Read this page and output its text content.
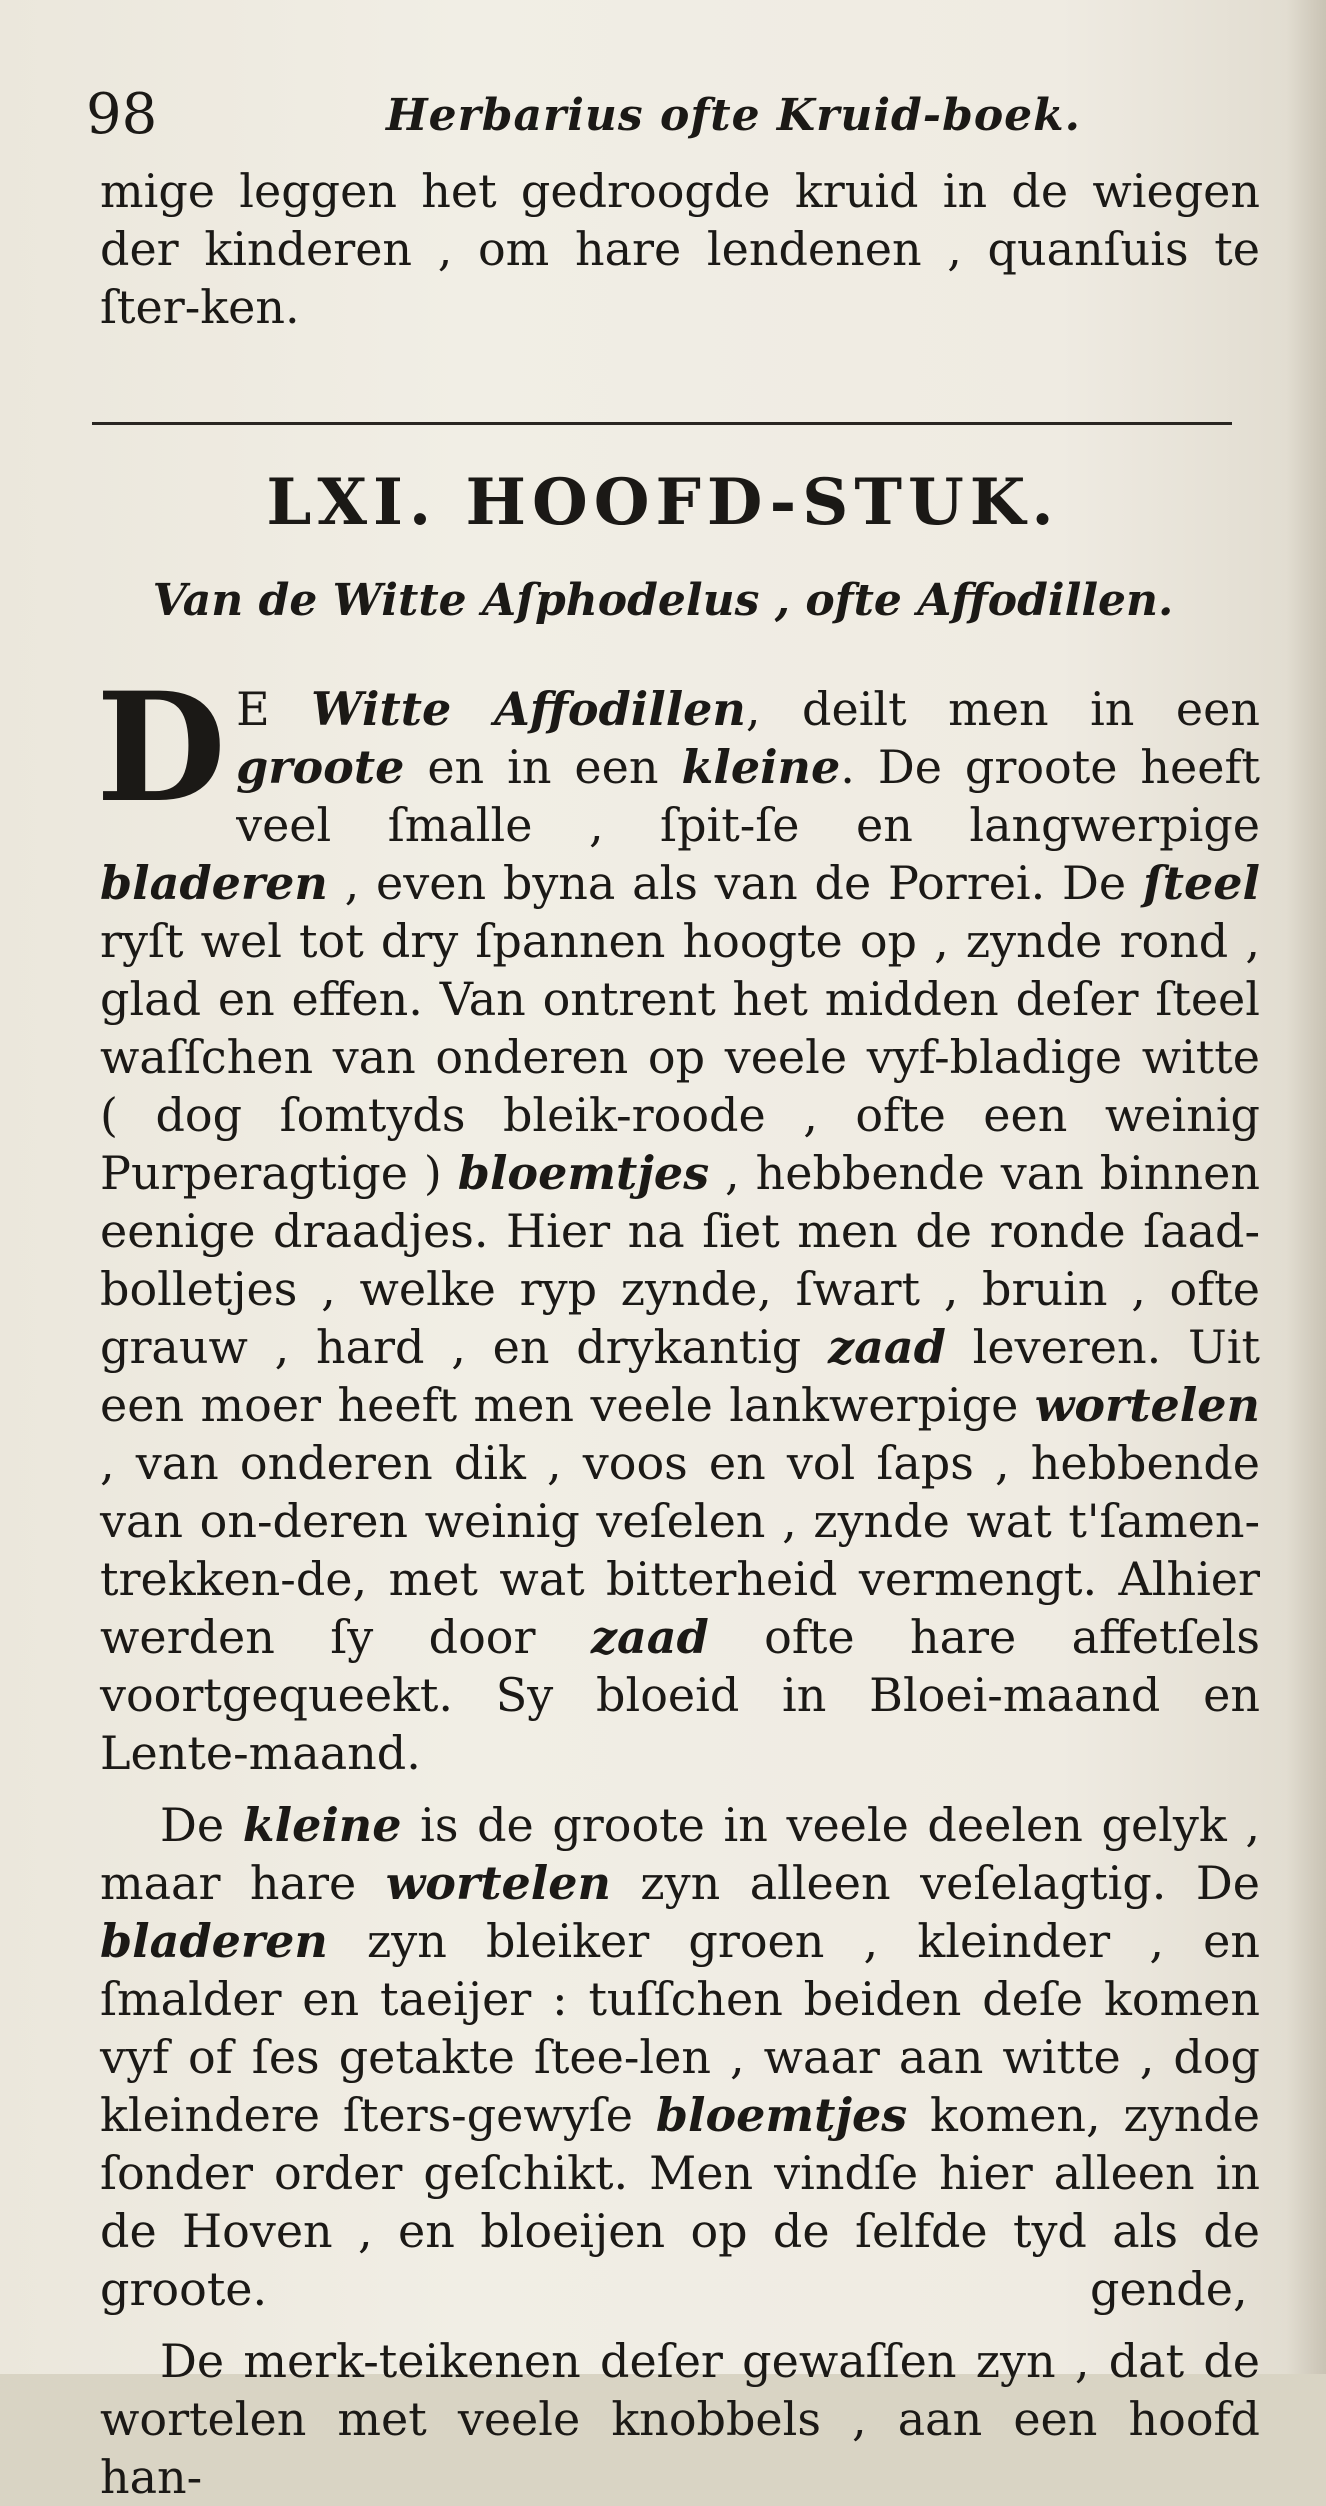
98	Herbarius ofte Kruid-boek.
mige leggen het gedroogde kruid in de wiegen der kinderen , om hare lendenen , quanſuis te ſter-ken.
LXI. HOOFD-STUK.
Van de Witte Aſphodelus , ofte Affodillen.

D E Witte Affodillen, deilt men in een groote en in een kleine. De groote heeft veel ſmalle , ſpit-ſe en langwerpige bladeren , even byna als van de Porrei. De ſteel ryſt wel tot dry ſpannen hoogte op , zynde rond , glad en effen. Van ontrent het midden deſer ſteel waſſchen van onderen op veele vyf-bladige witte ( dog ſomtyds bleik-roode , ofte een weinig Purperagtige ) bloemtjes , hebbende van binnen eenige draadjes. Hier na ſiet men de ronde ſaad-bolletjes , welke ryp zynde, ſwart , bruin , ofte grauw , hard , en drykantig zaad leveren. Uit een moer heeft men veele lankwerpige wortelen , van onderen dik , voos en vol ſaps , hebbende van on-deren weinig veſelen , zynde wat t'ſamen-trekken-de, met wat bitterheid vermengt. Alhier werden ſy door zaad ofte hare affetſels voortgequeekt. Sy bloeid in Bloei-maand en Lente-maand.

De kleine is de groote in veele deelen gelyk , maar hare wortelen zyn alleen veſelagtig. De bladeren zyn bleiker groen , kleinder , en ſmalder en taeijer : tuſſchen beiden deſe komen vyf of ſes getakte ſtee-len , waar aan witte , dog kleindere ſters-gewyſe bloemtjes komen, zynde ſonder order geſchikt. Men vindſe hier alleen in de Hoven , en bloeijen op de ſelfde tyd als de groote.

De merk-teikenen deſer gewaſſen zyn , dat de wortelen met veele knobbels , aan een hoofd han-

gende,
